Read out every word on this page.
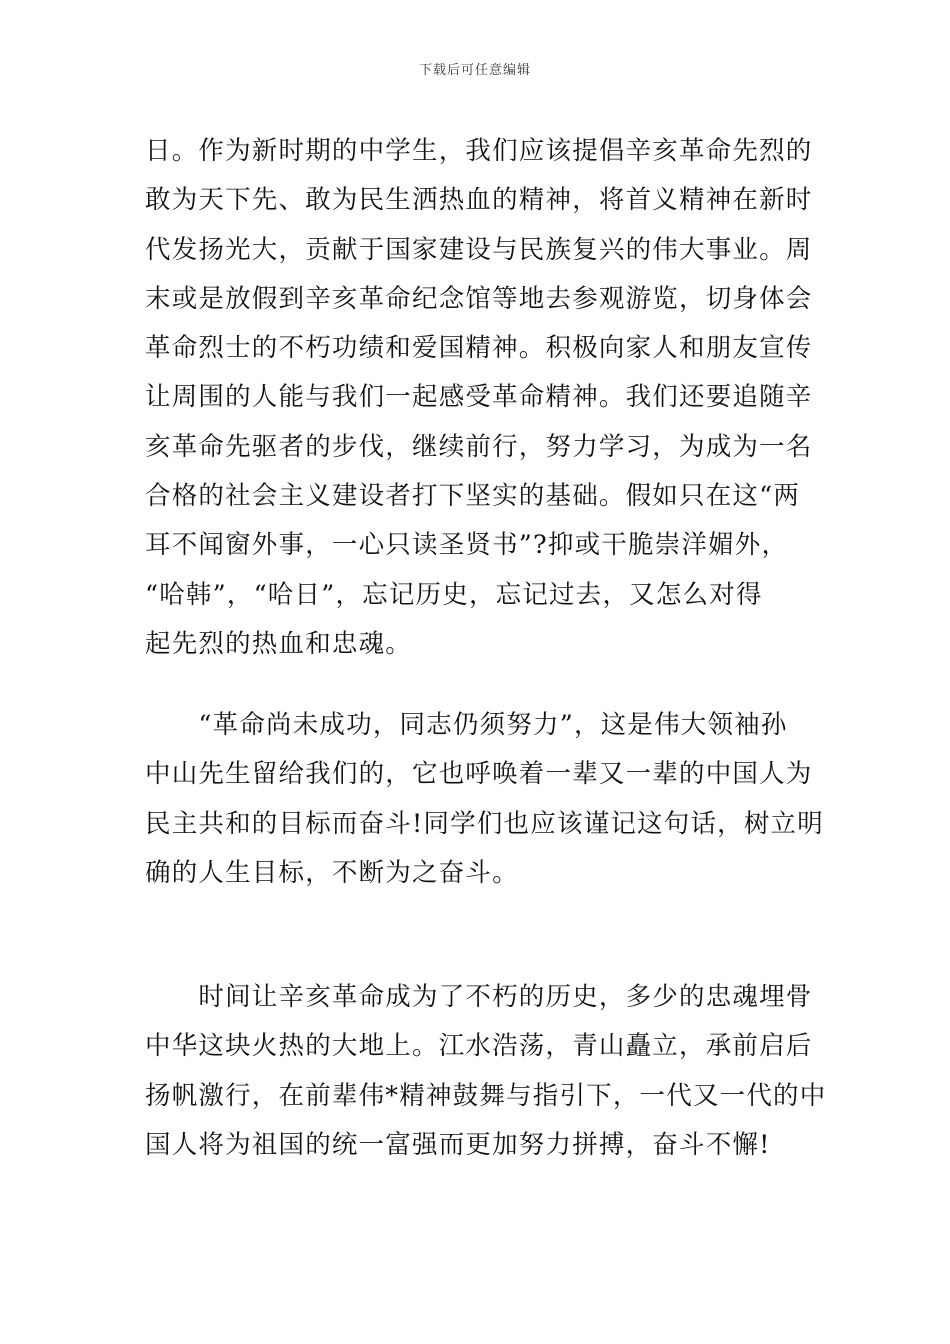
下载后可任意编辑
日。作为新时期的中学生，我们应该提倡辛亥革命先烈的
敢为天下先、敢为民生洒热血的精神，将首义精神在新时
代发扬光大，贡献于国家建设与民族复兴的伟大事业。周
末或是放假到辛亥革命纪念馆等地去参观游览，切身体会
革命烈士的不朽功绩和爱国精神。积极向家人和朋友宣传
让周围的人能与我们一起感受革命精神。我们还要追随辛
亥革命先驱者的步伐，继续前行，努力学习，为成为一名
合格的社会主义建设者打下坚实的基础。假如只在这“两
耳不闻窗外事，一心只读圣贤书”?抑或干脆崇洋媚外，
“哈韩”，“哈日”，忘记历史，忘记过去，又怎么对得
起先烈的热血和忠魂。
　　“革命尚未成功，同志仍须努力”，这是伟大领袖孙
中山先生留给我们的，它也呼唤着一辈又一辈的中国人为
民主共和的目标而奋斗!同学们也应该谨记这句话，树立明
确的人生目标，不断为之奋斗。
　　时间让辛亥革命成为了不朽的历史，多少的忠魂埋骨
中华这块火热的大地上。江水浩荡，青山矗立，承前启后
扬帆激行，在前辈伟*精神鼓舞与指引下，一代又一代的中
国人将为祖国的统一富强而更加努力拼搏，奋斗不懈!
